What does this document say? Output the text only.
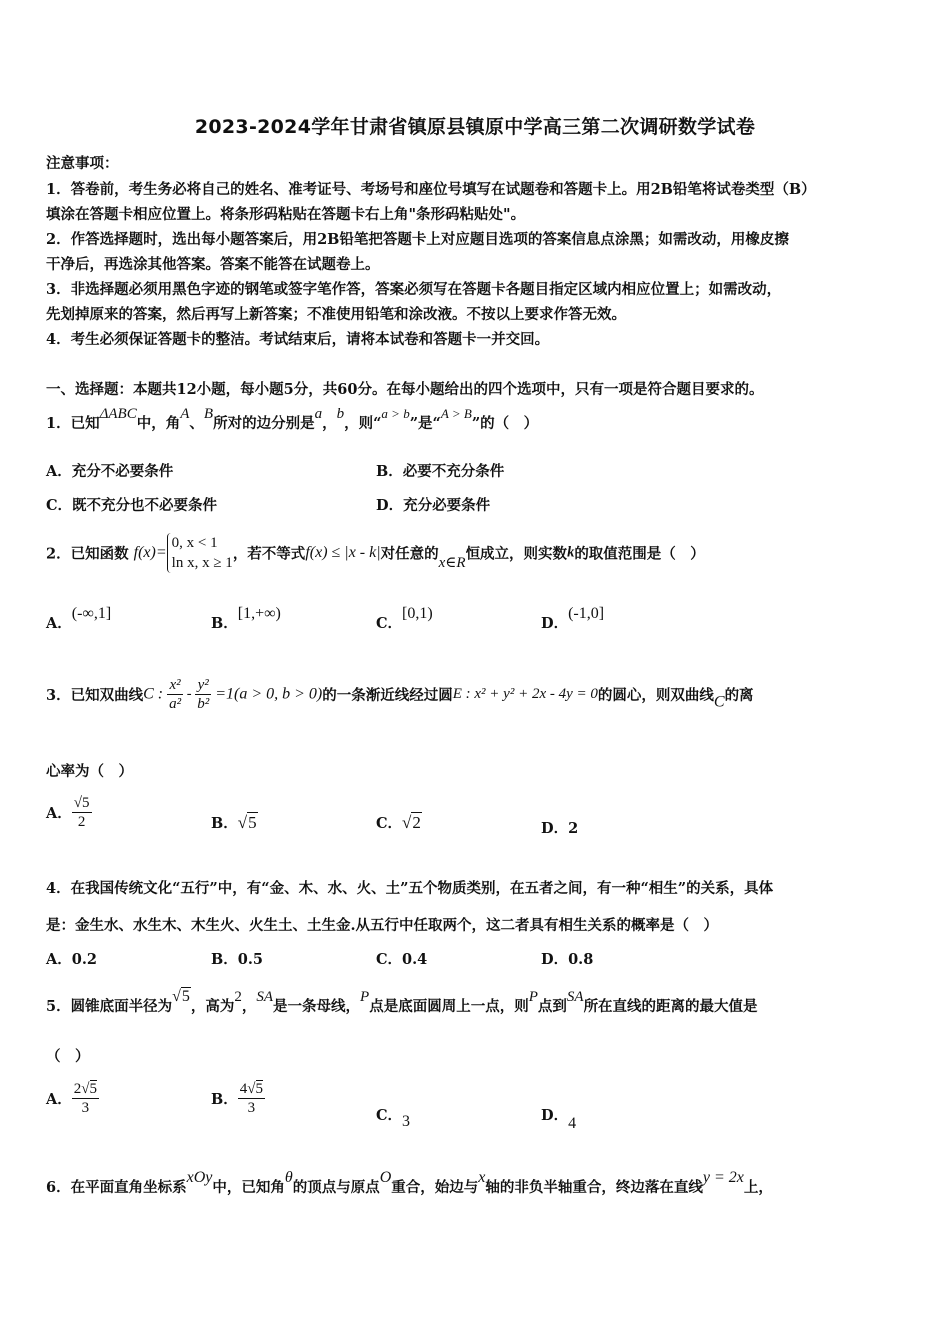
2023-2024学年甘肃省镇原县镇原中学高三第二次调研数学试卷
注意事项：
1．答卷前，考生务必将自己的姓名、准考证号、考场号和座位号填写在试题卷和答题卡上。用2B铅笔将试卷类型（B）
填涂在答题卡相应位置上。将条形码粘贴在答题卡右上角"条形码粘贴处"。
2．作答选择题时，选出每小题答案后，用2B铅笔把答题卡上对应题目选项的答案信息点涂黑；如需改动，用橡皮擦
干净后，再选涂其他答案。答案不能答在试题卷上。
3．非选择题必须用黑色字迹的钢笔或签字笔作答，答案必须写在答题卡各题目指定区域内相应位置上；如需改动，
先划掉原来的答案，然后再写上新答案；不准使用铅笔和涂改液。不按以上要求作答无效。
4．考生必须保证答题卡的整洁。考试结束后，请将本试卷和答题卡一并交回。
一、选择题：本题共12小题，每小题5分，共60分。在每小题给出的四个选项中，只有一项是符合题目要求的。
1．已知ΔABC中，角A、B所对的边分别是a，b，则“a > b”是“A > B”的（　）
A．充分不必要条件	B．必要不充分条件
C．既不充分也不必要条件	D．充分必要条件
2．已知函数 f(x)=
0, x < 1
ln x, x ≥ 1
，若不等式f(x) ≤ |x - k|对任意的x∈R恒成立，则实数k的取值范围是（　）
A．(-∞,1]
B．[1,+∞)
C．[0,1)
D．(-1,0]
3．已知双曲线C : $\frac{\text{x²}}{\text{a²}} - \frac{\text{y²}}{\text{b²}} =1(a > 0$, b > 0)的一条渐近线经过圆E : x² + y² + 2x - 4y = 0的圆心，则双曲线C的离
心率为（　）
A． $\frac{√5}{2}$	B．√5	C．√2	D．2
4．在我国传统文化“五行”中，有“金、木、水、火、土”五个物质类别，在五者之间，有一种“相生”的关系，具体
是：金生水、水生木、木生火、火生土、土生金.从五行中任取两个，这二者具有相生关系的概率是（　）
A．0.2	B．0.5	C．0.4	D．0.8
5．圆锥底面半径为√5，高为2，SA是一条母线，P点是底面圆周上一点，则P点到SA所在直线的距离的最大值是
（　）
A． $\frac{2√5}{3}$	B． $\frac{4√5}{3}$	C．3	D．4
6．在平面直角坐标系xOy中，已知角θ的顶点与原点O重合，始边与x轴的非负半轴重合，终边落在直线y = 2x上，
